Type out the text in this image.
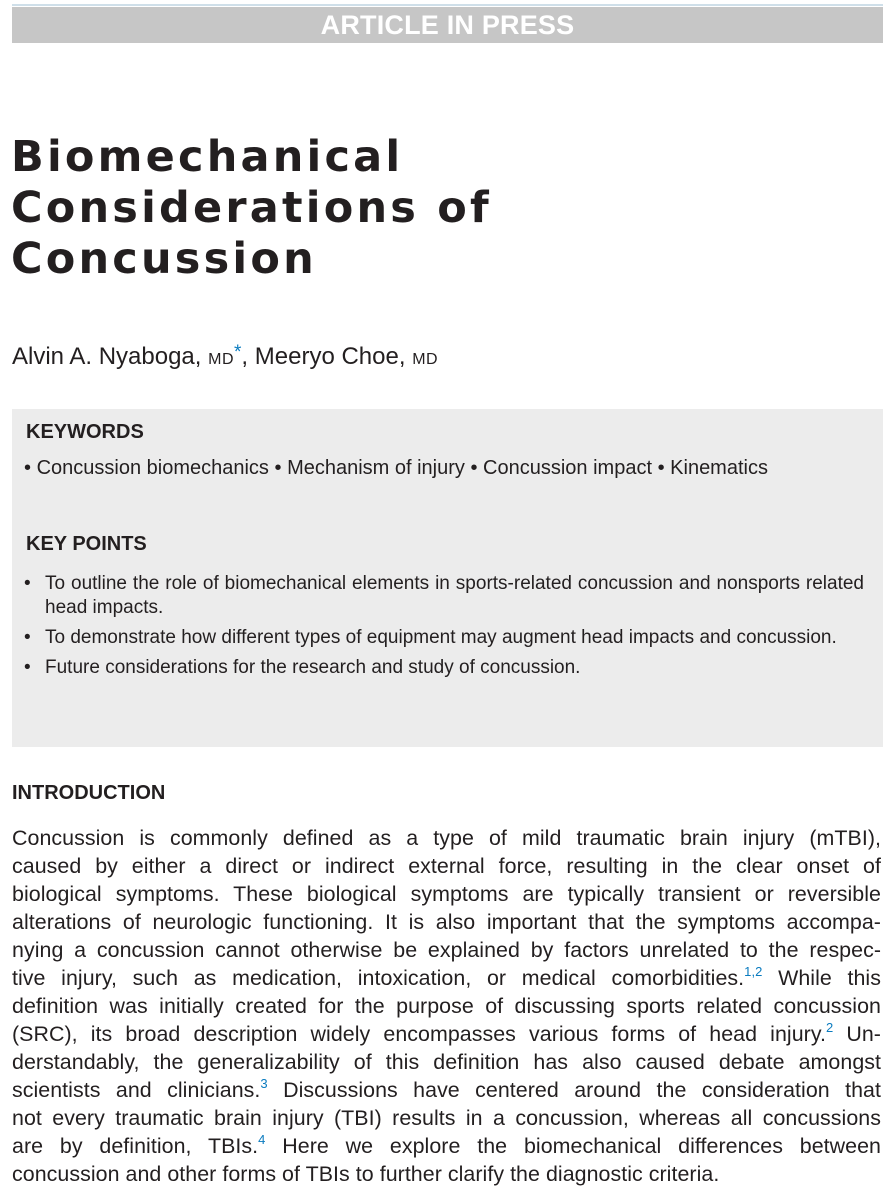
ARTICLE IN PRESS
Biomechanical
Considerations of
Concussion
Alvin A. Nyaboga, MD*, Meeryo Choe, MD
KEYWORDS
• Concussion biomechanics • Mechanism of injury • Concussion impact • Kinematics
KEY POINTS
• To outline the role of biomechanical elements in sports-related concussion and nonsports related head impacts.
• To demonstrate how different types of equipment may augment head impacts and concussion.
• Future considerations for the research and study of concussion.
INTRODUCTION

Concussion is commonly defined as a type of mild traumatic brain injury (mTBI),
caused by either a direct or indirect external force, resulting in the clear onset of
biological symptoms. These biological symptoms are typically transient or reversible
alterations of neurologic functioning. It is also important that the symptoms accompa-
nying a concussion cannot otherwise be explained by factors unrelated to the respec-
tive injury, such as medication, intoxication, or medical comorbidities.$^{1,2}$ While this
definition was initially created for the purpose of discussing sports related concussion
(SRC), its broad description widely encompasses various forms of head injury.$^2$ Un-
derstandably, the generalizability of this definition has also caused debate amongst
scientists and clinicians.$^3$ Discussions have centered around the consideration that
not every traumatic brain injury (TBI) results in a concussion, whereas all concussions
are by definition, TBIs.$^4$ Here we explore the biomechanical differences between
concussion and other forms of TBIs to further clarify the diagnostic criteria.
